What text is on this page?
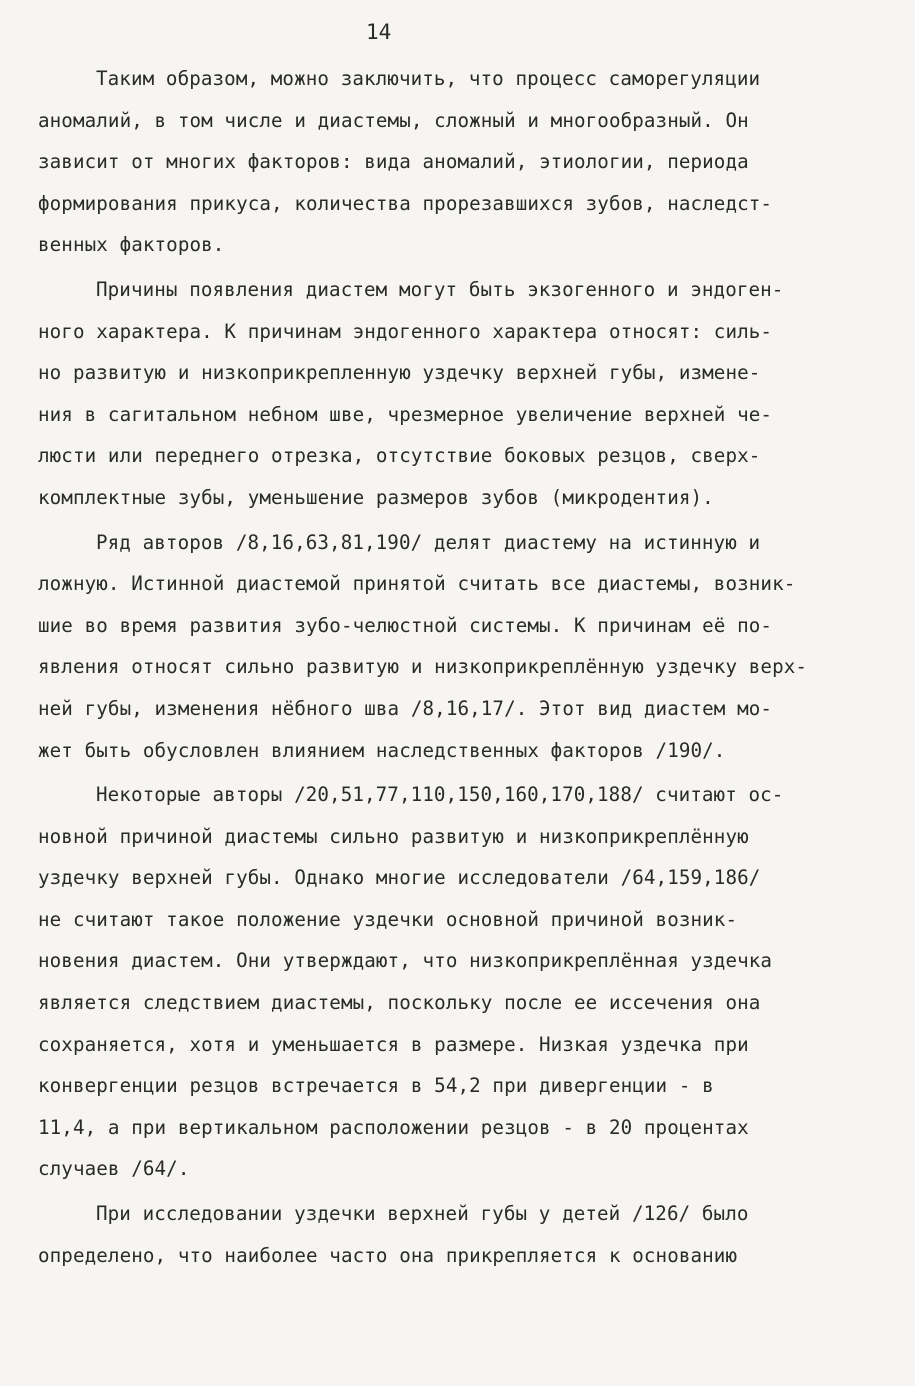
14
Таким образом, можно заключить, что процесс саморегуляции
аномалий, в том числе и диастемы, сложный и многообразный. Он
зависит от многих факторов: вида аномалий, этиологии, периода
формирования прикуса, количества прорезавшихся зубов, наследст-
венных факторов.
Причины появления диастем могут быть экзогенного и эндоген-
ного характера. К причинам эндогенного характера относят: силь-
но развитую и низкоприкрепленную уздечку верхней губы, измене-
ния в сагитальном небном шве, чрезмерное увеличение верхней че-
люсти или переднего отрезка, отсутствие боковых резцов, сверх-
комплектные зубы, уменьшение размеров зубов (микродентия).
Ряд авторов /8,16,63,81,190/ делят диастему на истинную и
ложную. Истинной диастемой принятой считать все диастемы, возник-
шие во время развития зубо-челюстной системы. К причинам её по-
явления относят сильно развитую и низкоприкреплённую уздечку верх-
ней губы, изменения нёбного шва /8,16,17/. Этот вид диастем мо-
жет быть обусловлен влиянием наследственных факторов /190/.
Некоторые авторы /20,51,77,110,150,160,170,188/ считают ос-
новной причиной диастемы сильно развитую и низкоприкреплённую
уздечку верхней губы. Однако многие исследователи /64,159,186/
не считают такое положение уздечки основной причиной возник-
новения диастем. Они утверждают, что низкоприкреплённая уздечка
является следствием диастемы, поскольку после ее иссечения она
сохраняется, хотя и уменьшается в размере. Низкая уздечка при
конвергенции резцов встречается в 54,2 при дивергенции - в
11,4, а при вертикальном расположении резцов - в 20 процентах
случаев /64/.
При исследовании уздечки верхней губы у детей /126/ было
определено, что наиболее часто она прикрепляется к основанию
